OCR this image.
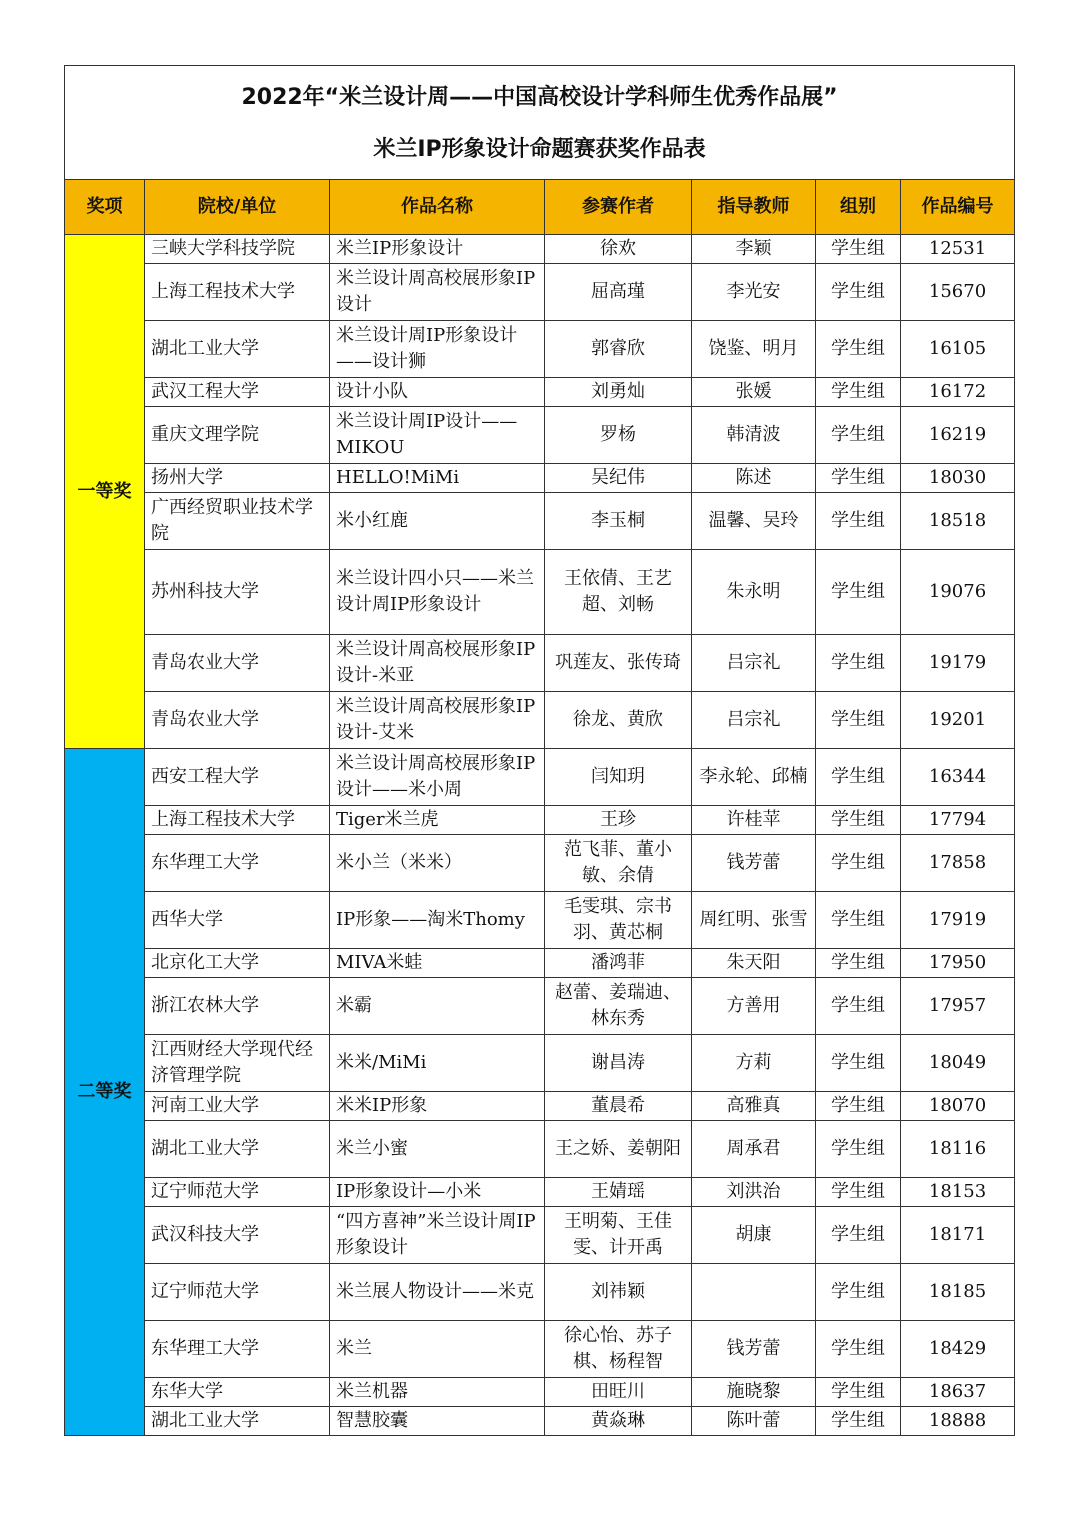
2022年“米兰设计周——中国高校设计学科师生优秀作品展”
米兰IP形象设计命题赛获奖作品表						

奖项	院校/单位	作品名称	参赛作者	指导教师	组别	作品编号
一等奖	三峡大学科技学院	米兰IP形象设计	徐欢	李颖	学生组	12531
	上海工程技术大学	米兰设计周高校展形象IP设计	屈高瑾	李光安	学生组	15670
	湖北工业大学	米兰设计周IP形象设计——设计狮	郭睿欣	饶鉴、明月	学生组	16105
	武汉工程大学	设计小队	刘勇灿	张媛	学生组	16172
	重庆文理学院	米兰设计周IP设计——MIKOU	罗杨	韩清波	学生组	16219
	扬州大学	HELLO!MiMi	吴纪伟	陈述	学生组	18030
	广西经贸职业技术学院	米小红鹿	李玉桐	温馨、吴玲	学生组	18518
	苏州科技大学	米兰设计四小只——米兰设计周IP形象设计	王依倩、王艺超、刘畅	朱永明	学生组	19076
	青岛农业大学	米兰设计周高校展形象IP设计-米亚	巩莲友、张传琦	吕宗礼	学生组	19179
	青岛农业大学	米兰设计周高校展形象IP设计-艾米	徐龙、黄欣	吕宗礼	学生组	19201
二等奖	西安工程大学	米兰设计周高校展形象IP设计——米小周	闫知玥	李永轮、邱楠	学生组	16344
	上海工程技术大学	Tiger米兰虎	王珍	许桂苹	学生组	17794
	东华理工大学	米小兰（米米）	范飞菲、董小敏、余倩	钱芳蕾	学生组	17858
	西华大学	IP形象——淘米Thomy	毛雯琪、宗书羽、黄芯桐	周红明、张雪	学生组	17919
	北京化工大学	MIVA米蛙	潘鸿菲	朱天阳	学生组	17950
	浙江农林大学	米霸	赵蕾、姜瑞迪、林东秀	方善用	学生组	17957
	江西财经大学现代经济管理学院	米米/MiMi	谢昌涛	方莉	学生组	18049
	河南工业大学	米米IP形象	董晨希	高雅真	学生组	18070
	湖北工业大学	米兰小蜜	王之娇、姜朝阳	周承君	学生组	18116
	辽宁师范大学	IP形象设计—小米	王婧瑶	刘洪治	学生组	18153
	武汉科技大学	“四方喜神”米兰设计周IP形象设计	王明菊、王佳雯、计开禹	胡康	学生组	18171
	辽宁师范大学	米兰展人物设计——米克	刘祎颖		学生组	18185
	东华理工大学	米兰	徐心怡、苏子棋、杨程智	钱芳蕾	学生组	18429
	东华大学	米兰机器	田旺川	施晓黎	学生组	18637
	湖北工业大学	智慧胶囊	黄焱琳	陈叶蕾	学生组	18888
